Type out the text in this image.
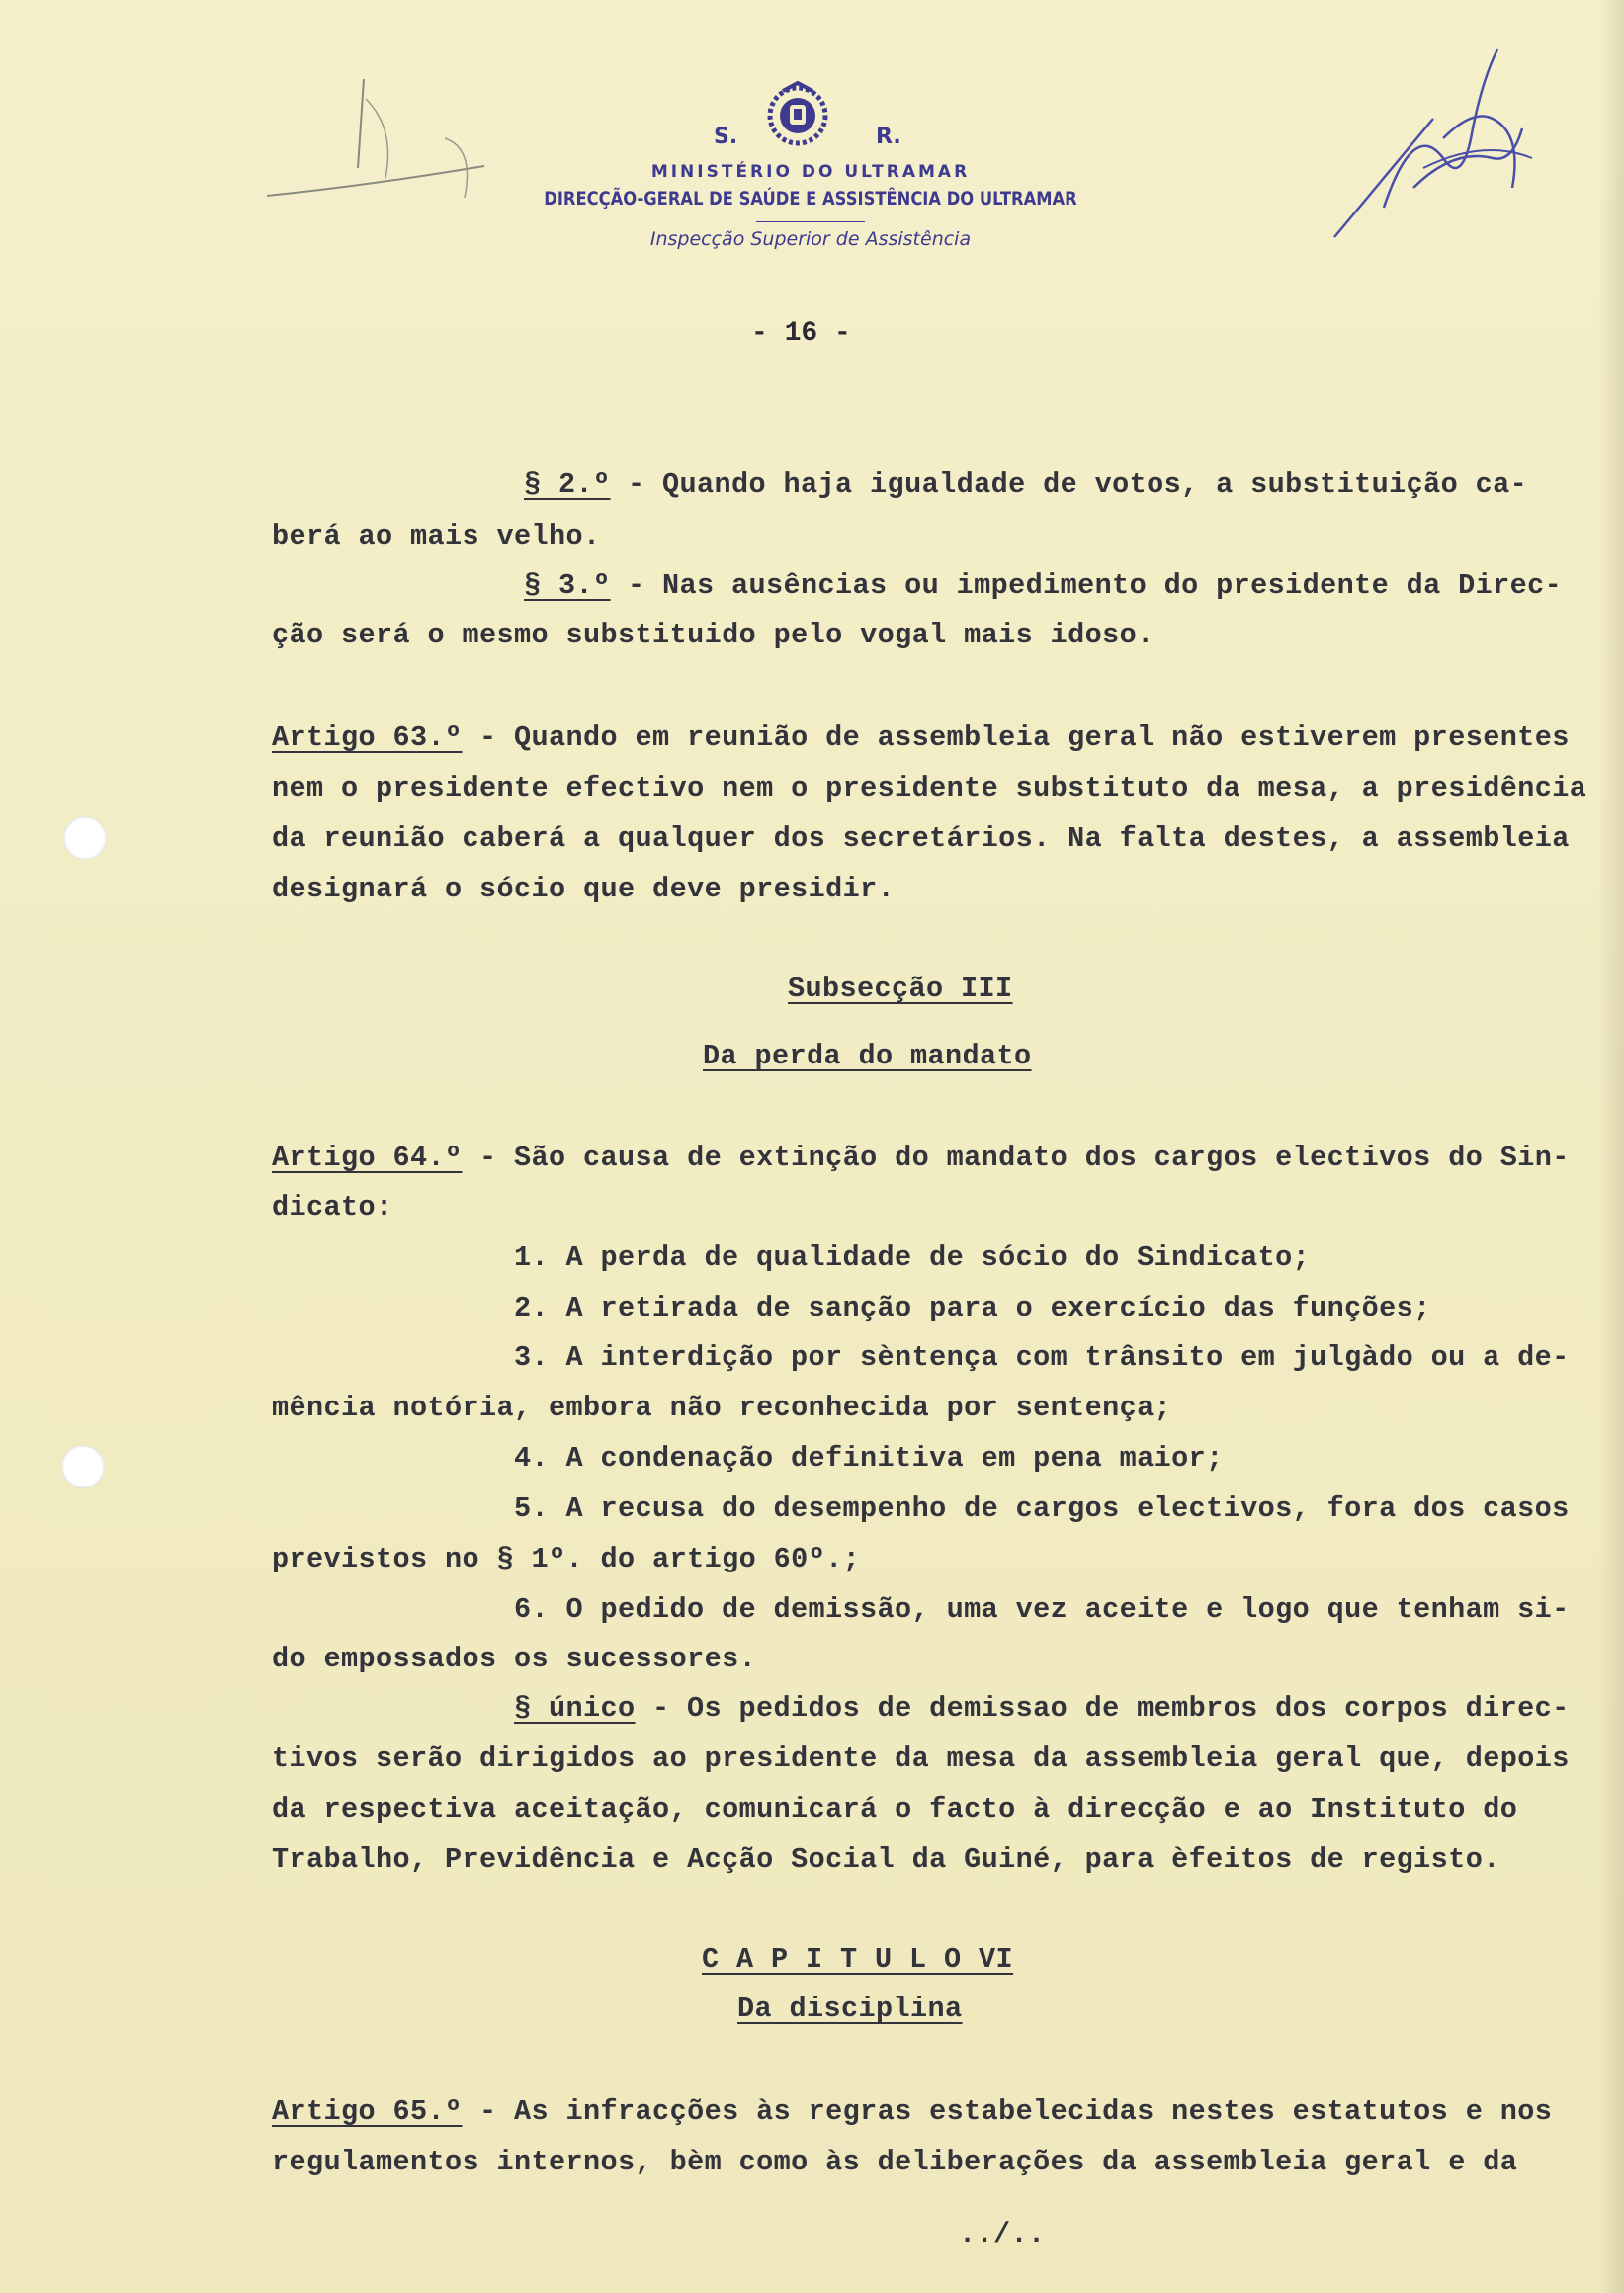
S.	R.
MINISTÉRIO DO ULTRAMAR
DIRECÇÃO-GERAL DE SAÚDE E ASSISTÊNCIA DO ULTRAMAR
Inspecção Superior de Assistência
- 16 -
§ 2.º - Quando haja igualdade de votos, a substituição ca-
berá ao mais velho.
§ 3.º - Nas ausências ou impedimento do presidente da Direc-
ção será o mesmo substituido pelo vogal mais idoso.
Artigo 63.º - Quando em reunião de assembleia geral não estiverem presentes
nem o presidente efectivo nem o presidente substituto da mesa, a presidência
da reunião caberá a qualquer dos secretários. Na falta destes, a assembleia
designará o sócio que deve presidir.
Subsecção III
Da perda do mandato
Artigo 64.º - São causa de extinção do mandato dos cargos electivos do Sin-
dicato:
1. A perda de qualidade de sócio do Sindicato;
2. A retirada de sanção para o exercício das funções;
3. A interdição por sèntença com trânsito em julgàdo ou a de-
mência notória, embora não reconhecida por sentença;
4. A condenação definitiva em pena maior;
5. A recusa do desempenho de cargos electivos, fora dos casos
previstos no § 1º. do artigo 60º.;
6. O pedido de demissão, uma vez aceite e logo que tenham si-
do empossados os sucessores.
§ único - Os pedidos de demissao de membros dos corpos direc-
tivos serão dirigidos ao presidente da mesa da assembleia geral que, depois
da respectiva aceitação, comunicará o facto à direcção e ao Instituto do
Trabalho, Previdência e Acção Social da Guiné, para èfeitos de registo.
C A P I T U L O VI
Da disciplina
Artigo 65.º - As infracções às regras estabelecidas nestes estatutos e nos
regulamentos internos, bèm como às deliberações da assembleia geral e da
../..
